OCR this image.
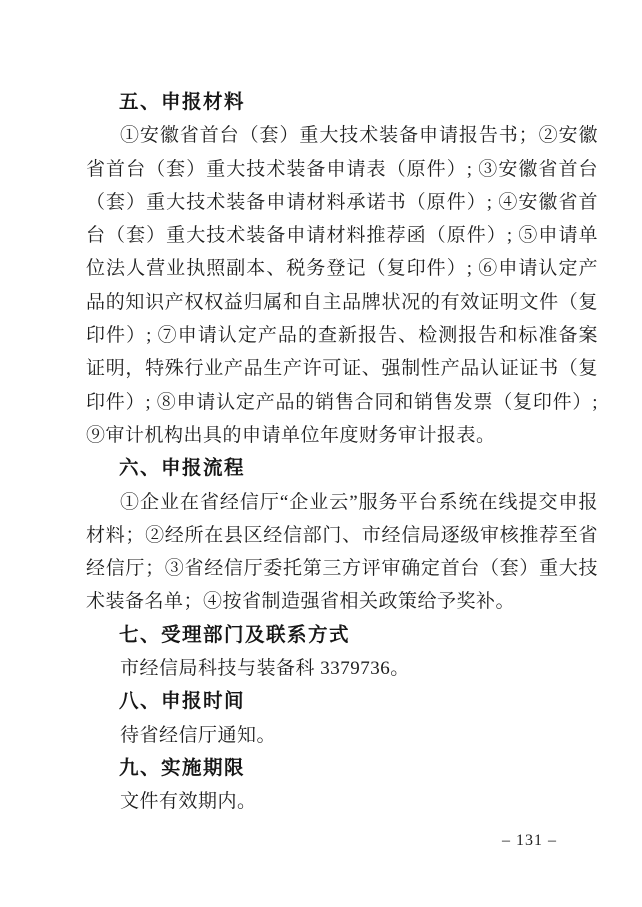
五、申报材料

①安徽省首台（套）重大技术装备申请报告书；②安徽省首台（套）重大技术装备申请表（原件）; ③安徽省首台（套）重大技术装备申请材料承诺书（原件）; ④安徽省首台（套）重大技术装备申请材料推荐函（原件）; ⑤申请单位法人营业执照副本、税务登记（复印件）; ⑥申请认定产品的知识产权权益归属和自主品牌状况的有效证明文件（复印件）; ⑦申请认定产品的查新报告、检测报告和标准备案证明，特殊行业产品生产许可证、强制性产品认证证书（复印件）; ⑧申请认定产品的销售合同和销售发票（复印件）; ⑨审计机构出具的申请单位年度财务审计报表。

六、申报流程

①企业在省经信厅“企业云”服务平台系统在线提交申报材料；②经所在县区经信部门、市经信局逐级审核推荐至省经信厅；③省经信厅委托第三方评审确定首台（套）重大技术装备名单；④按省制造强省相关政策给予奖补。

七、受理部门及联系方式

市经信局科技与装备科 3379736。

八、申报时间

待省经信厅通知。

九、实施期限

文件有效期内。

– 131 –
